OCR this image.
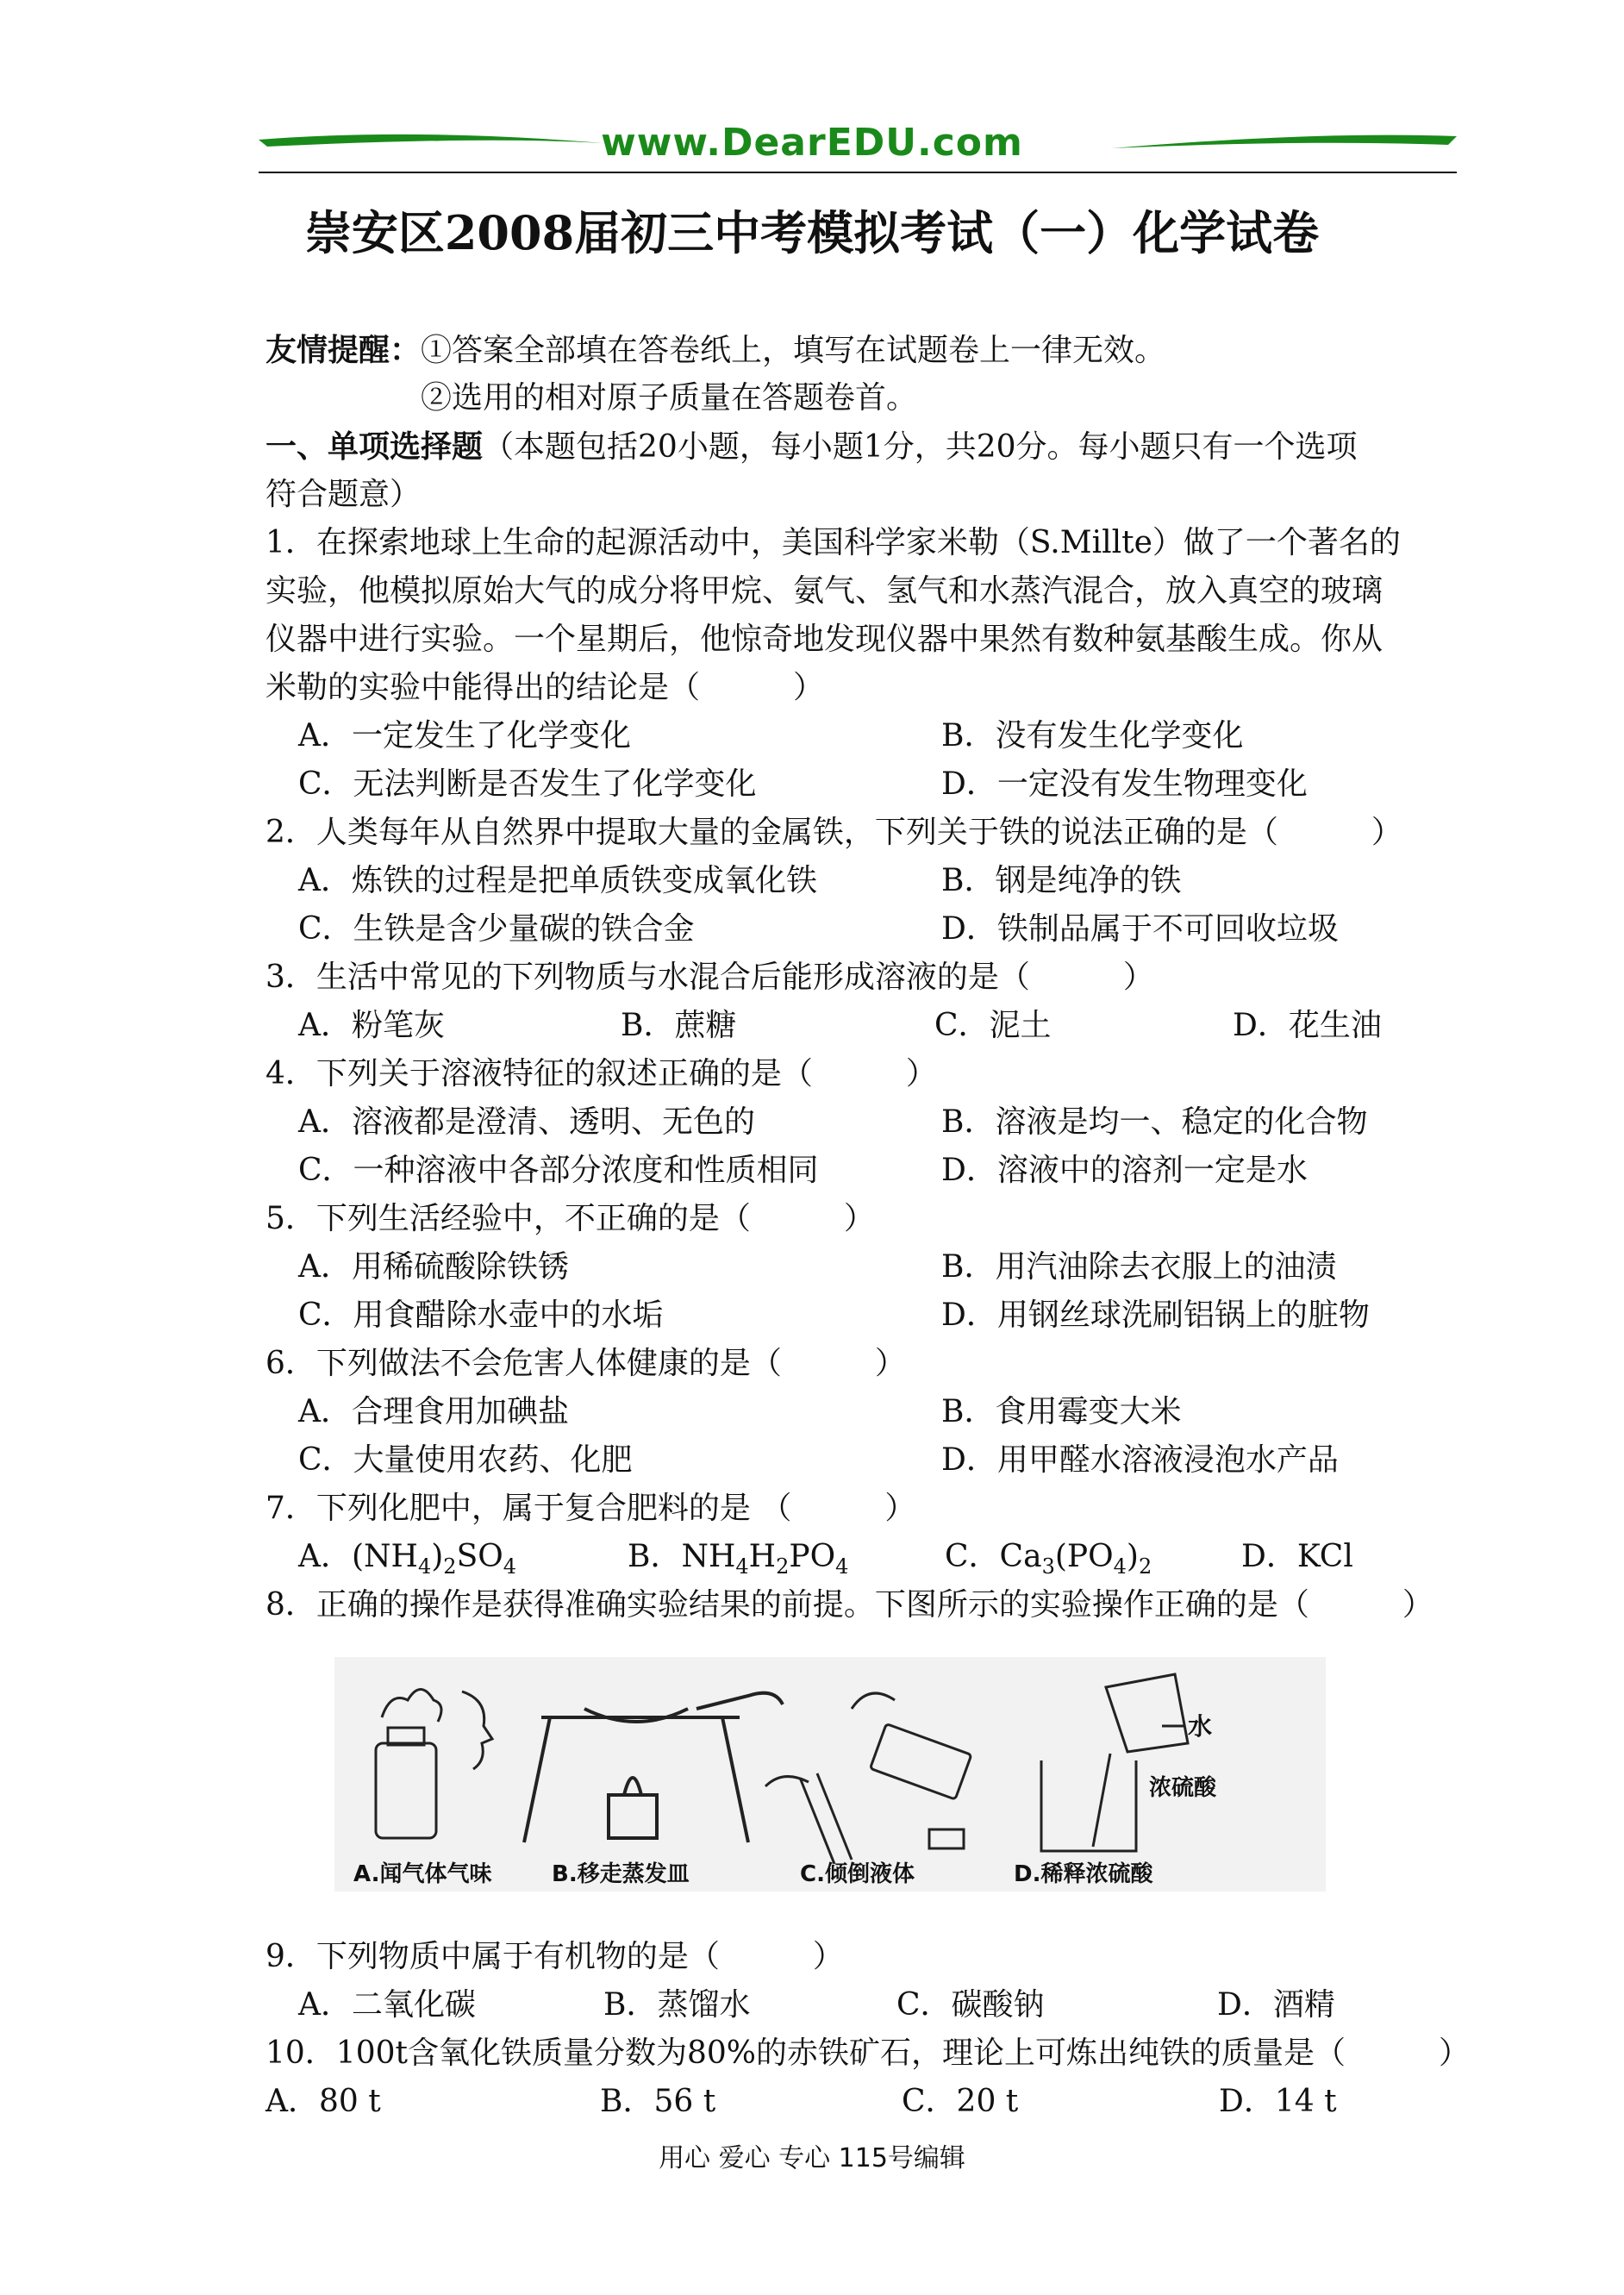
www.DearEDU.com
崇安区2008届初三中考模拟考试（一）化学试卷
友情提醒：①答案全部填在答卷纸上，填写在试题卷上一律无效。
②选用的相对原子质量在答题卷首。
一、单项选择题（本题包括20小题，每小题1分，共20分。每小题只有一个选项
符合题意）
1．在探索地球上生命的起源活动中，美国科学家米勒（S.Millte）做了一个著名的
实验，他模拟原始大气的成分将甲烷、氨气、氢气和水蒸汽混合，放入真空的玻璃
仪器中进行实验。一个星期后，他惊奇地发现仪器中果然有数种氨基酸生成。你从
米勒的实验中能得出的结论是（　　　）
A．一定发生了化学变化	B．没有发生化学变化
C．无法判断是否发生了化学变化	D．一定没有发生物理变化
2．人类每年从自然界中提取大量的金属铁，下列关于铁的说法正确的是（　　　）
A．炼铁的过程是把单质铁变成氧化铁	B．钢是纯净的铁
C．生铁是含少量碳的铁合金	D．铁制品属于不可回收垃圾
3．生活中常见的下列物质与水混合后能形成溶液的是（　　　）
A．粉笔灰	B．蔗糖	C．泥土	D．花生油
4．下列关于溶液特征的叙述正确的是（　　　）
A．溶液都是澄清、透明、无色的	B．溶液是均一、稳定的化合物
C．一种溶液中各部分浓度和性质相同	D．溶液中的溶剂一定是水
5．下列生活经验中，不正确的是（　　　）
A．用稀硫酸除铁锈	B．用汽油除去衣服上的油渍
C．用食醋除水壶中的水垢	D．用钢丝球洗刷铝锅上的脏物
6．下列做法不会危害人体健康的是（　　　）
A．合理食用加碘盐	B．食用霉变大米
C．大量使用农药、化肥	D．用甲醛水溶液浸泡水产品
7．下列化肥中，属于复合肥料的是 （　　　）
A．$(NH_4)_2SO_4$	B．$NH_4H_2PO_4$	C．$Ca_3(PO_4)_2$	D．KCl
8．正确的操作是获得准确实验结果的前提。下图所示的实验操作正确的是（　　　）
水
浓硫酸
A.闻气体气味	B.移走蒸发皿	C.倾倒液体	D.稀释浓硫酸
9．下列物质中属于有机物的是（　　　）
A．二氧化碳	B．蒸馏水	C．碳酸钠	D．酒精
10．100t含氧化铁质量分数为80%的赤铁矿石，理论上可炼出纯铁的质量是（　　　）
A．80 t	B．56 t	C．20 t	D．14 t
用心 爱心 专心 115号编辑
